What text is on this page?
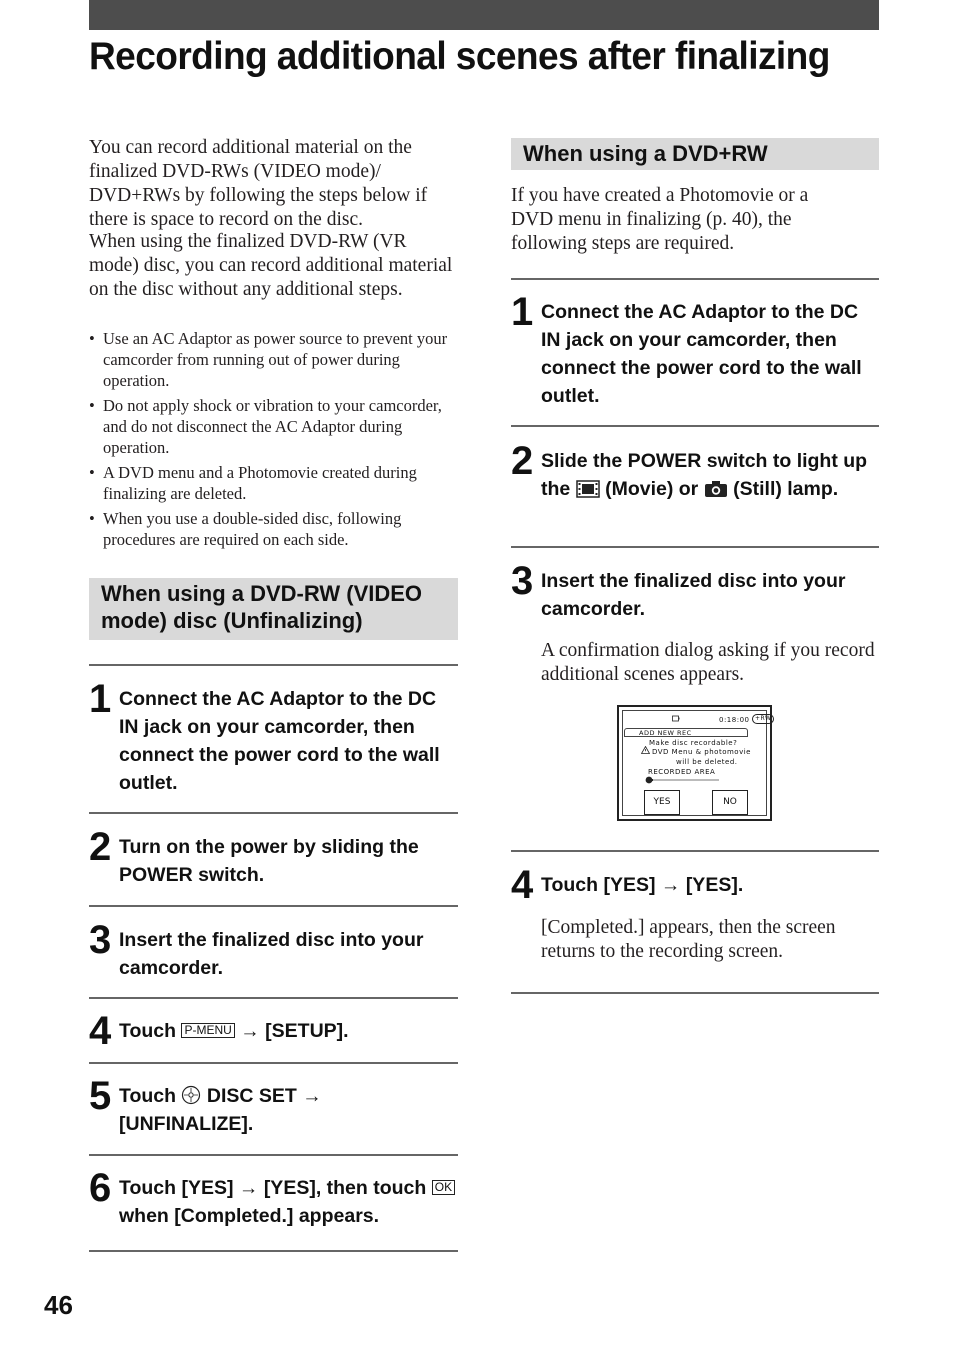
Recording additional scenes after finalizing

You can record additional material on the finalized DVD-RWs (VIDEO mode)/ DVD+RWs by following the steps below if there is space to record on the disc.

When using the finalized DVD-RW (VR mode) disc, you can record additional material on the disc without any additional steps.

• Use an AC Adaptor as power source to prevent your camcorder from running out of power during operation.
• Do not apply shock or vibration to your camcorder, and do not disconnect the AC Adaptor during operation.
• A DVD menu and a Photomovie created during finalizing are deleted.
• When you use a double-sided disc, following procedures are required on each side.
When using a DVD-RW (VIDEO mode) disc (Unfinalizing)
1 Connect the AC Adaptor to the DC IN jack on your camcorder, then connect the power cord to the wall outlet.
2 Turn on the power by sliding the POWER switch.
3 Insert the finalized disc into your camcorder.
4 Touch P-MENU → [SETUP].
5 Touch DISC SET → [UNFINALIZE].
6 Touch [YES] → [YES], then touch OK when [Completed.] appears.
When using a DVD+RW

If you have created a Photomovie or a DVD menu in finalizing (p. 40), the following steps are required.

1 Connect the AC Adaptor to the DC IN jack on your camcorder, then connect the power cord to the wall outlet.
2 Slide the POWER switch to light up the (Movie) or (Still) lamp.
3 Insert the finalized disc into your camcorder.

A confirmation dialog asking if you record additional scenes appears.

4 Touch [YES] → [YES].

[Completed.] appears, then the screen returns to the recording screen.

0:18:00 +RW
ADD NEW REC
Make disc recordable?
DVD Menu & photomovie
will be deleted.
RECORDED AREA
YES	NO
46
